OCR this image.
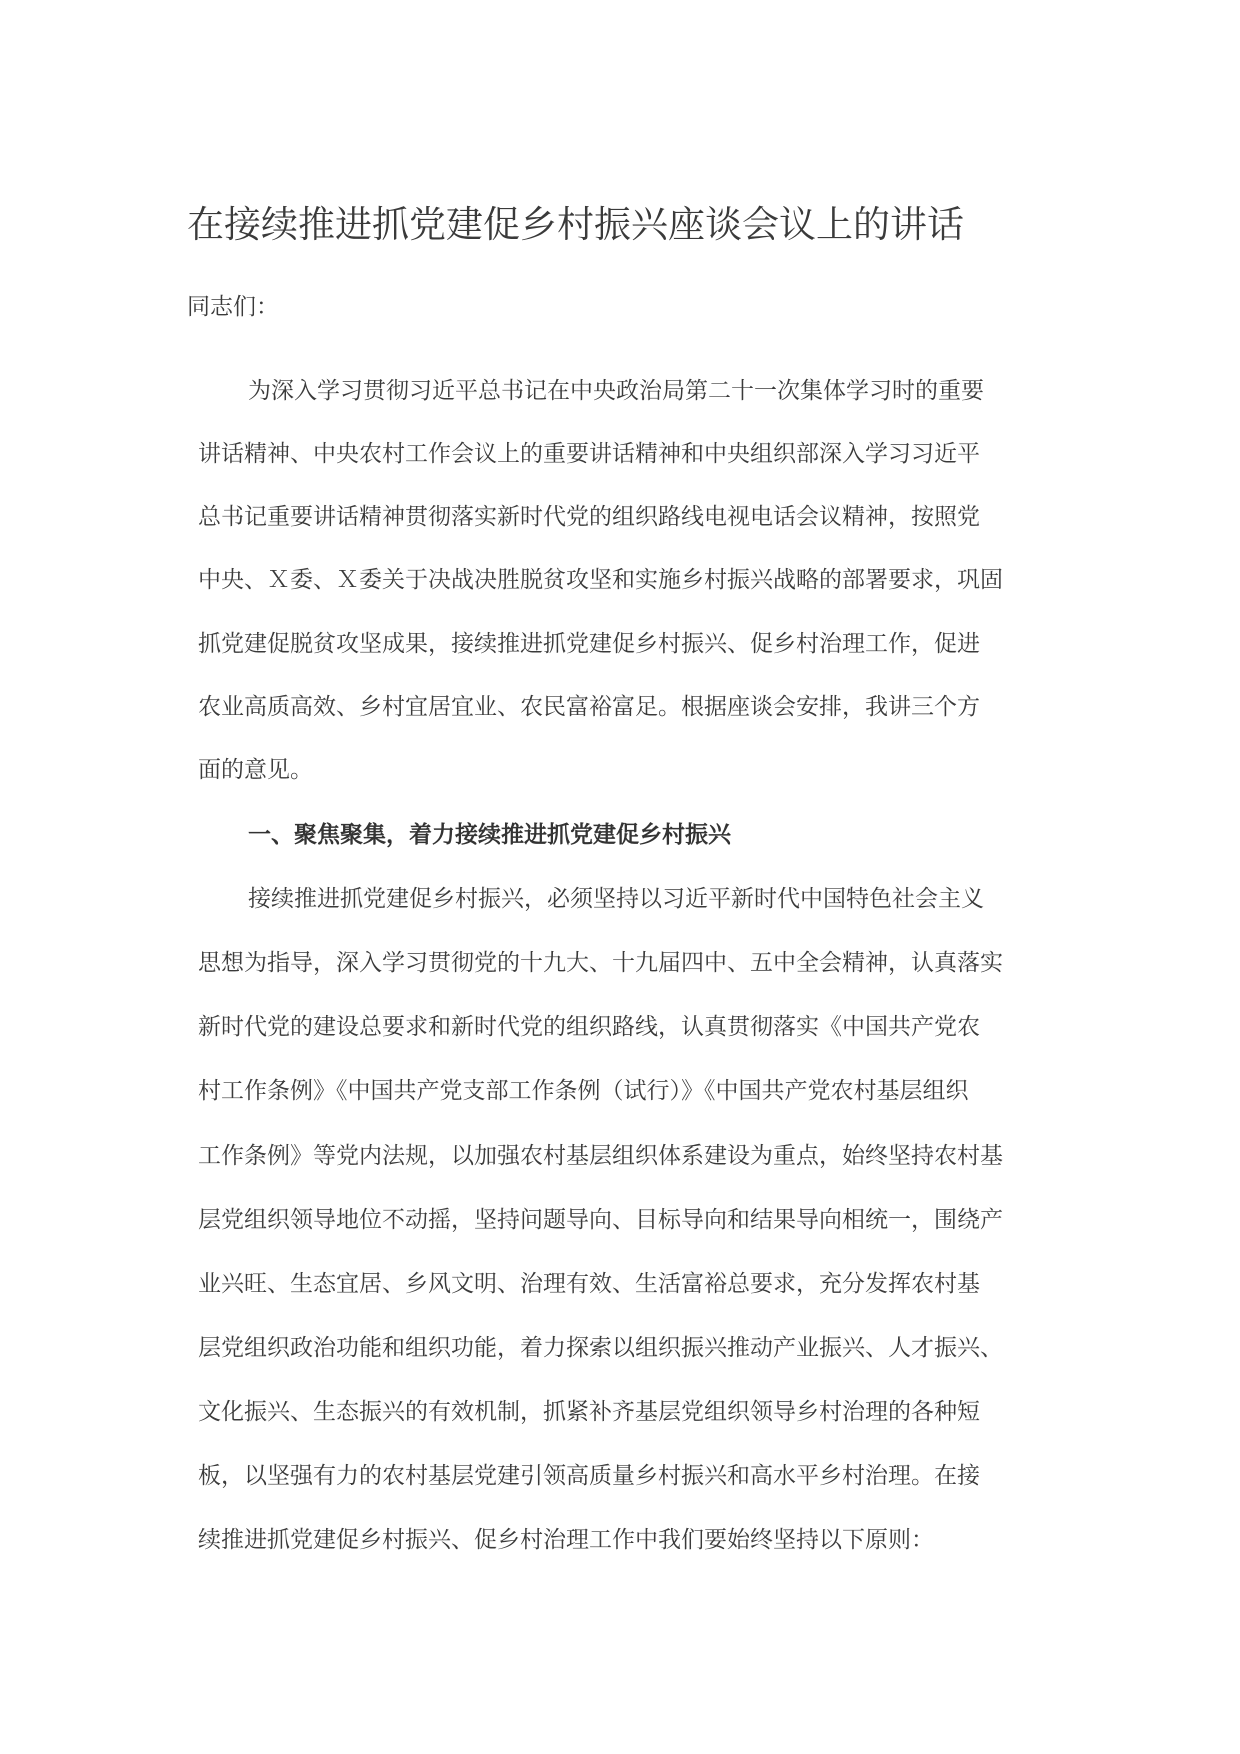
在接续推进抓党建促乡村振兴座谈会议上的讲话

同志们：

为深入学习贯彻习近平总书记在中央政治局第二十一次集体学习时的重要

讲话精神、中央农村工作会议上的重要讲话精神和中央组织部深入学习习近平

总书记重要讲话精神贯彻落实新时代党的组织路线电视电话会议精神，按照党

中央、Ｘ委、Ｘ委关于决战决胜脱贫攻坚和实施乡村振兴战略的部署要求，巩固

抓党建促脱贫攻坚成果，接续推进抓党建促乡村振兴、促乡村治理工作，促进

农业高质高效、乡村宜居宜业、农民富裕富足。根据座谈会安排，我讲三个方

面的意见。

一、聚焦聚集，着力接续推进抓党建促乡村振兴

接续推进抓党建促乡村振兴，必须坚持以习近平新时代中国特色社会主义

思想为指导，深入学习贯彻党的十九大、十九届四中、五中全会精神，认真落实

新时代党的建设总要求和新时代党的组织路线，认真贯彻落实《中国共产党农

村工作条例》《中国共产党支部工作条例（试行）》《中国共产党农村基层组织

工作条例》等党内法规，以加强农村基层组织体系建设为重点，始终坚持农村基

层党组织领导地位不动摇，坚持问题导向、目标导向和结果导向相统一，围绕产

业兴旺、生态宜居、乡风文明、治理有效、生活富裕总要求，充分发挥农村基

层党组织政治功能和组织功能，着力探索以组织振兴推动产业振兴、人才振兴、

文化振兴、生态振兴的有效机制，抓紧补齐基层党组织领导乡村治理的各种短

板，以坚强有力的农村基层党建引领高质量乡村振兴和高水平乡村治理。在接

续推进抓党建促乡村振兴、促乡村治理工作中我们要始终坚持以下原则：
